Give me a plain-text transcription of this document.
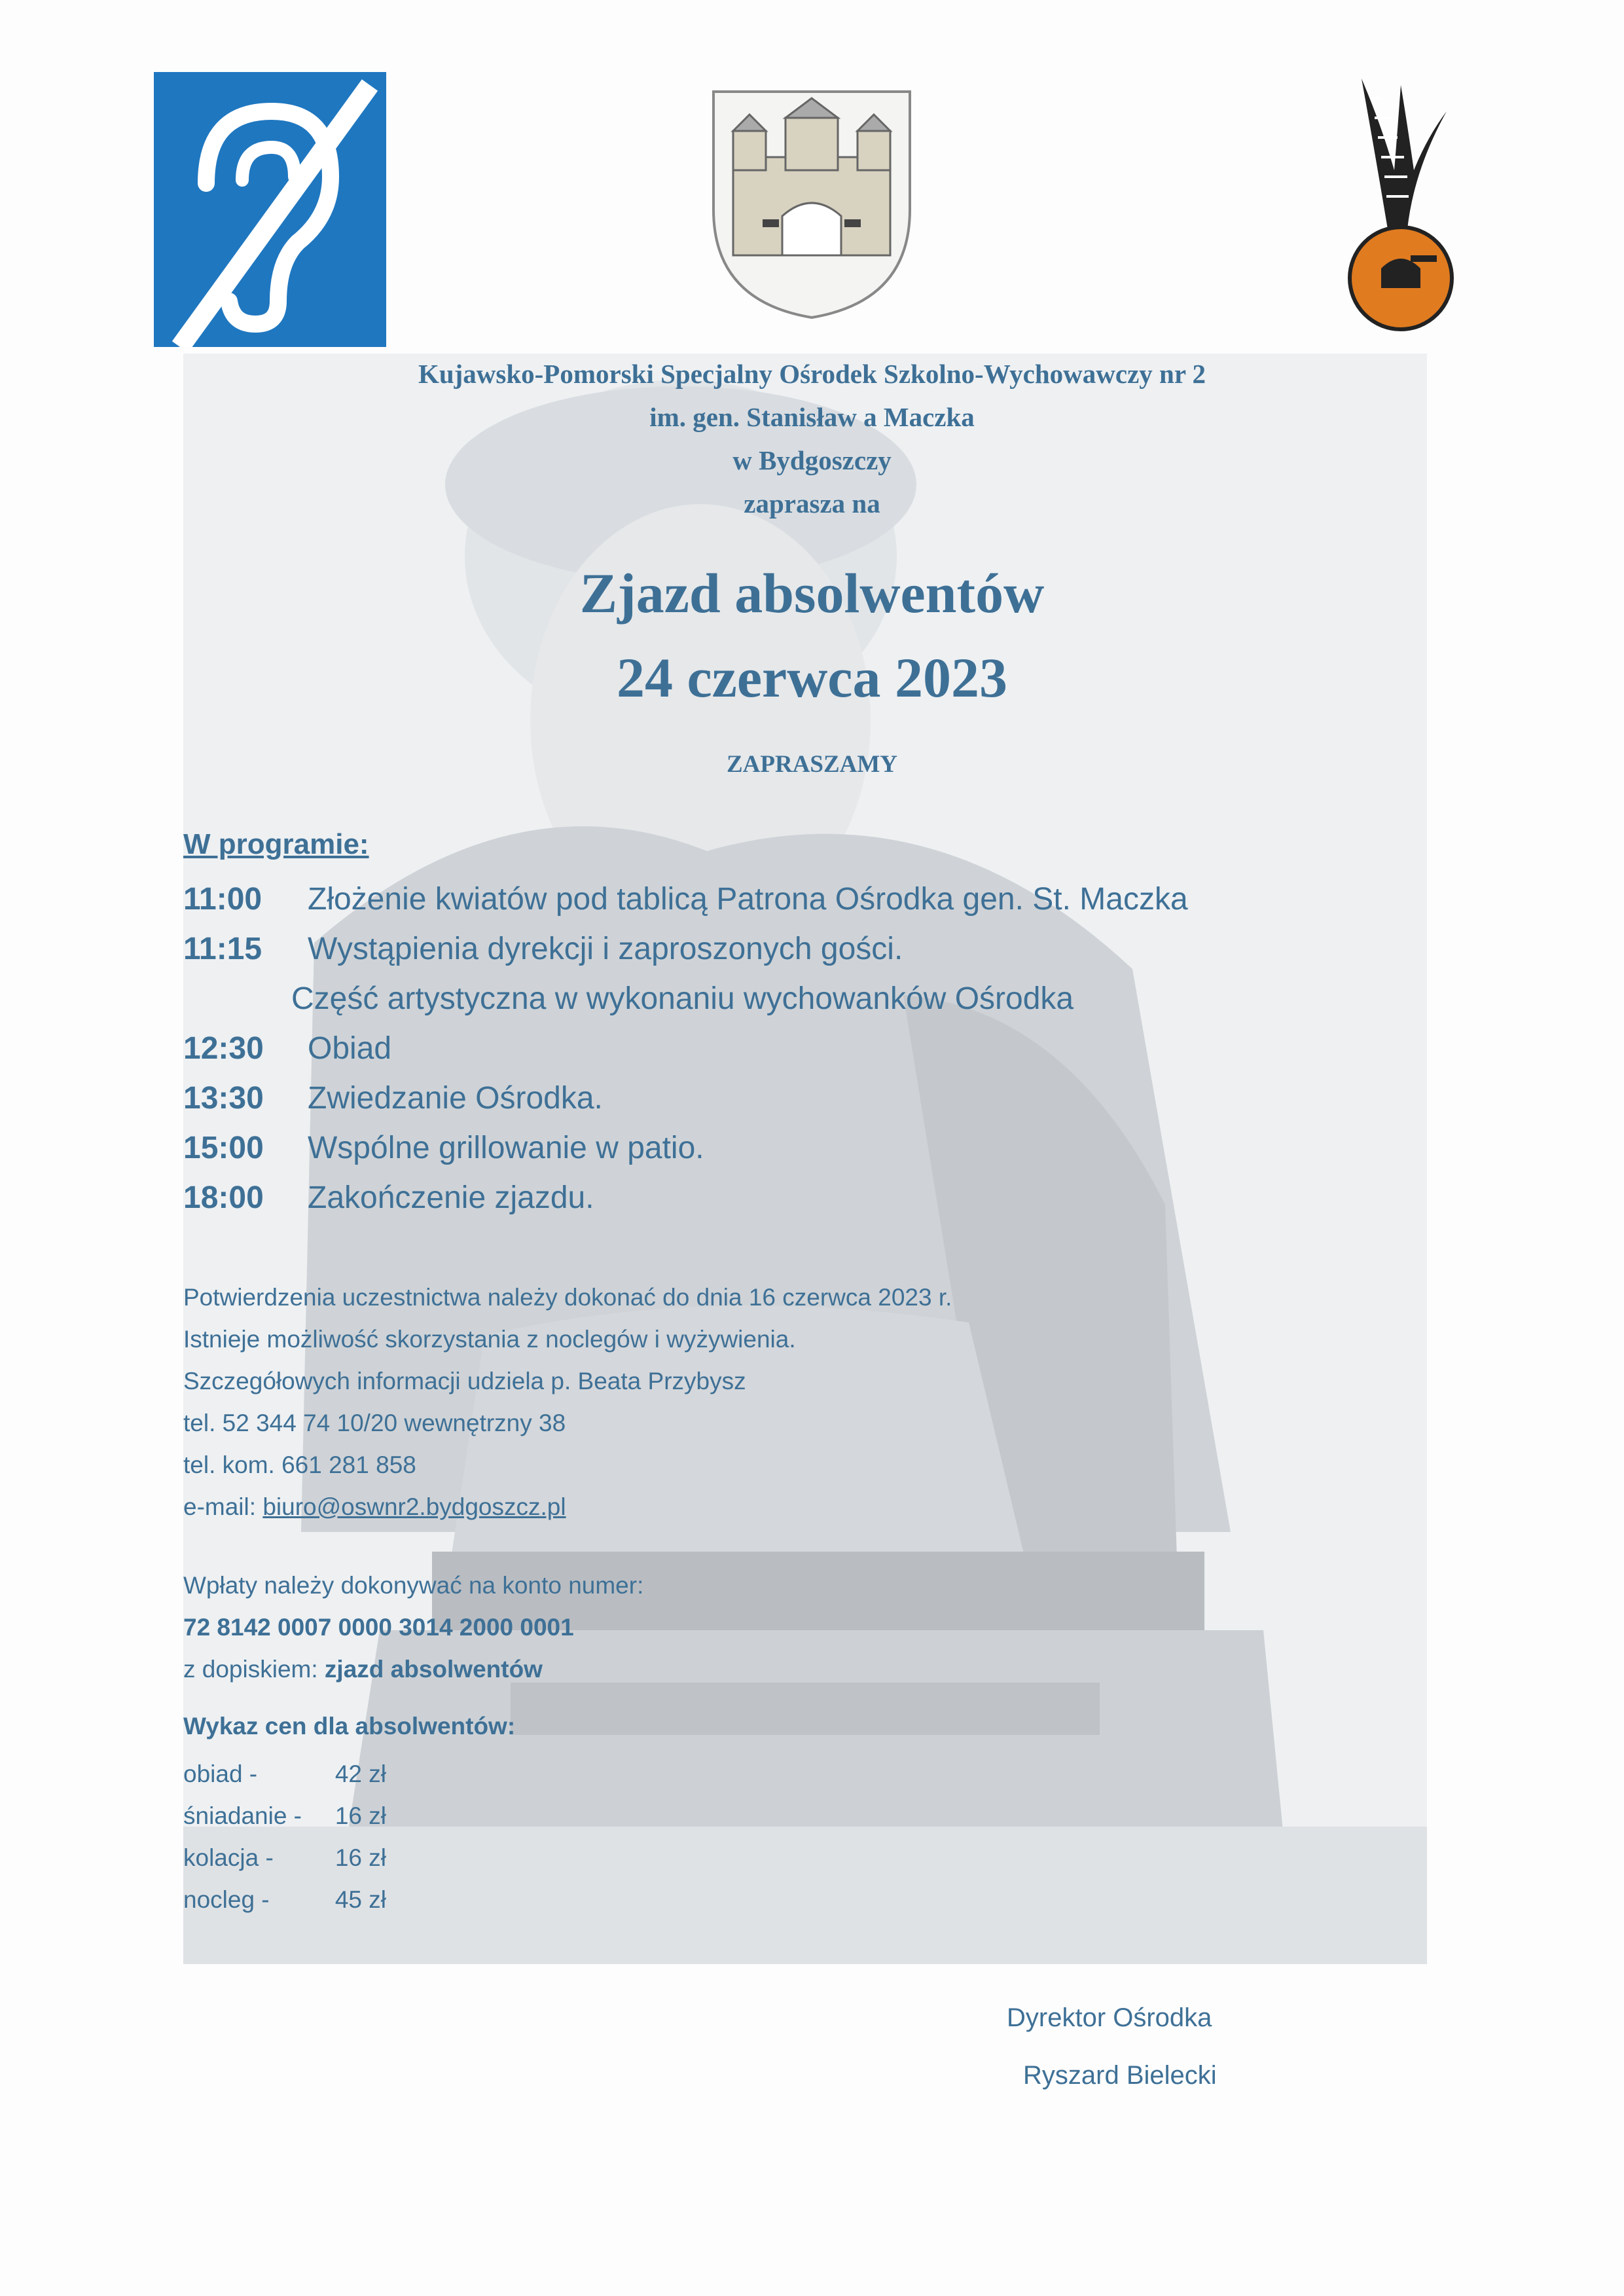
Kujawsko-Pomorski Specjalny Ośrodek Szkolno-Wychowawczy nr 2
im. gen. Stanisław a Maczka
w Bydgoszczy
zaprasza na
Zjazd absolwentów
24 czerwca 2023
ZAPRASZAMY
W programie:
11:00 Złożenie kwiatów pod tablicą Patrona Ośrodka gen. St. Maczka
11:15 Wystąpienia dyrekcji i zaproszonych gości.
Część artystyczna w wykonaniu wychowanków Ośrodka
12:30 Obiad
13:30 Zwiedzanie Ośrodka.
15:00 Wspólne grillowanie w patio.
18:00 Zakończenie zjazdu.
Potwierdzenia uczestnictwa należy dokonać do dnia 16 czerwca 2023 r.
Istnieje możliwość skorzystania z noclegów i wyżywienia.
Szczegółowych informacji udziela p. Beata Przybysz
tel. 52 344 74 10/20 wewnętrzny 38
tel. kom. 661 281 858
e-mail: biuro@oswnr2.bydgoszcz.pl
Wpłaty należy dokonywać na konto numer:
72 8142 0007 0000 3014 2000 0001
z dopiskiem: zjazd absolwentów
Wykaz cen dla absolwentów:
obiad -	42 zł
śniadanie - 16 zł
kolacja -	16 zł
nocleg -	45 zł
Dyrektor Ośrodka
Ryszard Bielecki
